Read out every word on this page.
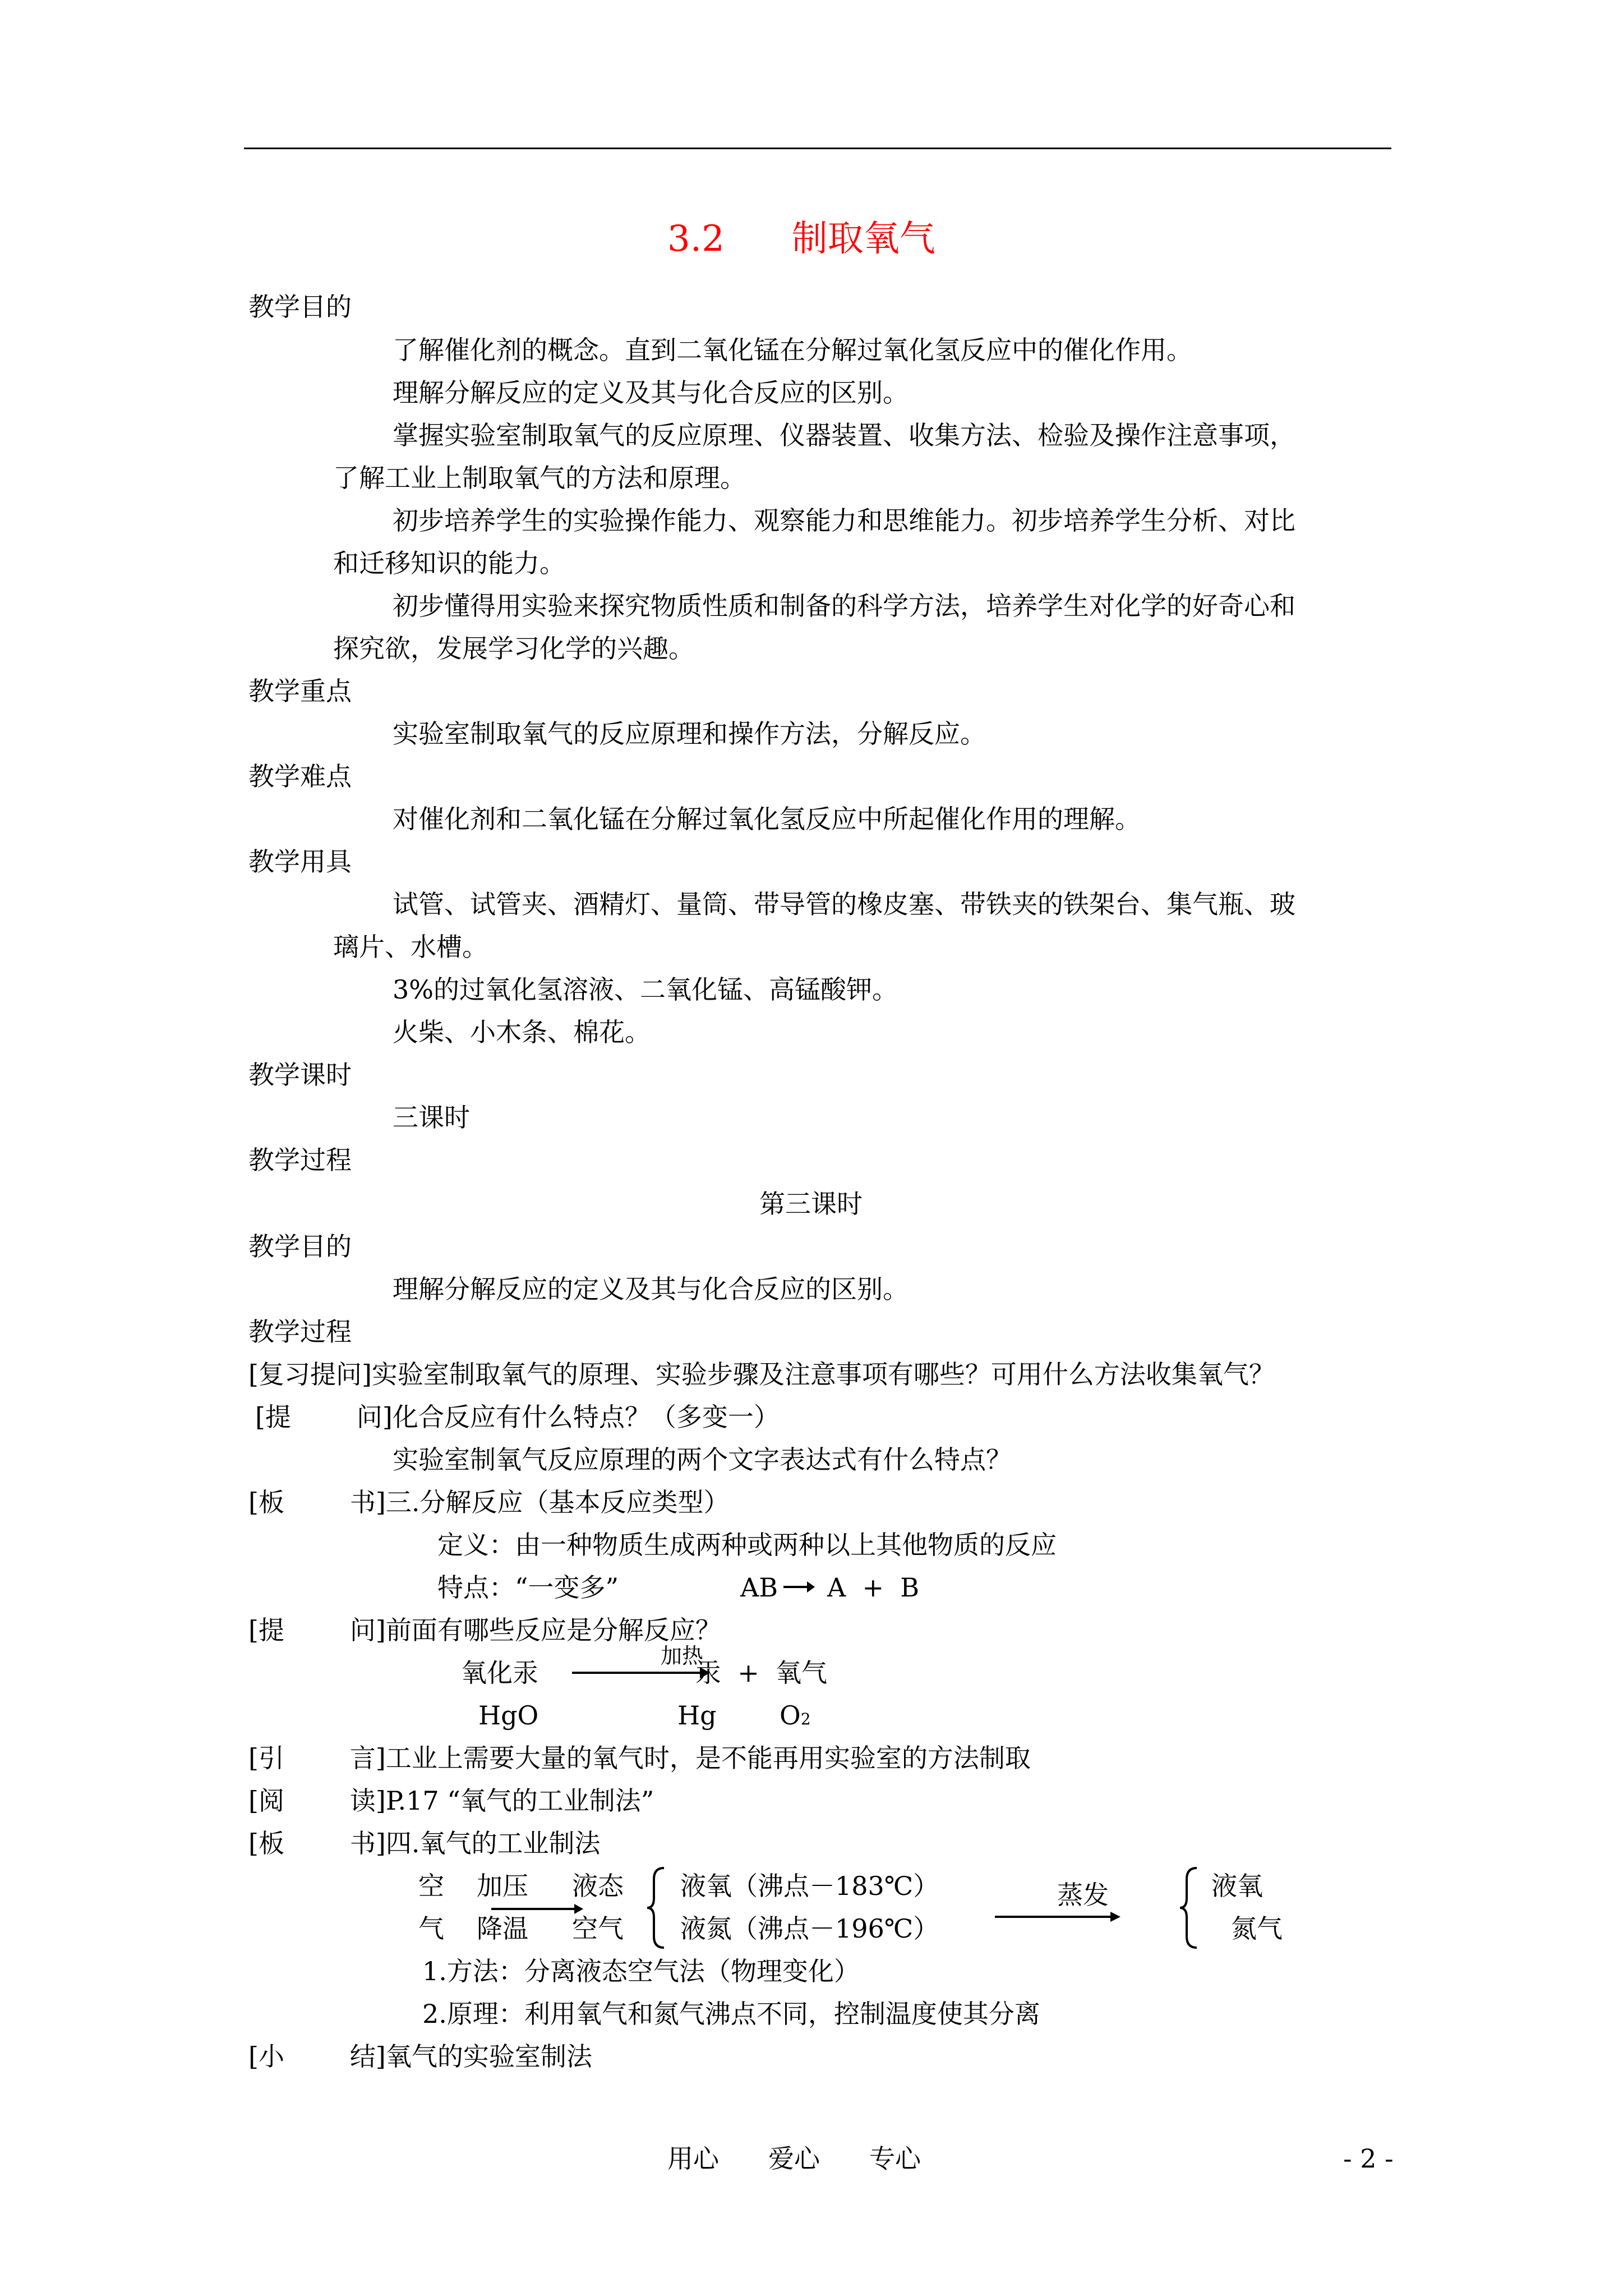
3.2 制取氧气
教学目的
了解催化剂的概念。直到二氧化锰在分解过氧化氢反应中的催化作用。
理解分解反应的定义及其与化合反应的区别。
掌握实验室制取氧气的反应原理、仪器装置、收集方法、检验及操作注意事项，
了解工业上制取氧气的方法和原理。
初步培养学生的实验操作能力、观察能力和思维能力。初步培养学生分析、对比
和迁移知识的能力。
初步懂得用实验来探究物质性质和制备的科学方法，培养学生对化学的好奇心和
探究欲，发展学习化学的兴趣。
教学重点
实验室制取氧气的反应原理和操作方法，分解反应。
教学难点
对催化剂和二氧化锰在分解过氧化氢反应中所起催化作用的理解。
教学用具
试管、试管夹、酒精灯、量筒、带导管的橡皮塞、带铁夹的铁架台、集气瓶、玻
璃片、水槽。
3%的过氧化氢溶液、二氧化锰、高锰酸钾。
火柴、小木条、棉花。
教学课时
三课时
教学过程
第三课时
教学目的
理解分解反应的定义及其与化合反应的区别。
教学过程
[复习提问]实验室制取氧气的原理、实验步骤及注意事项有哪些？可用什么方法收集氧气？
[提        问]化合反应有什么特点？（多变一）
实验室制氧气反应原理的两个文字表达式有什么特点？
[板        书]三.分解反应（基本反应类型）
定义：由一种物质生成两种或两种以上其他物质的反应
特点：“一变多”	AB → A  +  B
[提        问]前面有哪些反应是分解反应？
氧化汞
加热
汞  +  氧气
HgO	Hg O2
[引        言]工业上需要大量的氧气时，是不能再用实验室的方法制取
[阅        读]P.17 “氧气的工业制法”
[板        书]四.氧气的工业制法
空
气
加压
降温
液态
空气
液氧（沸点－183℃）
液氮（沸点－196℃）
蒸发	液氧
氮气
1.方法：分离液态空气法（物理变化）
2.原理：利用氧气和氮气沸点不同，控制温度使其分离
[小        结]氧气的实验室制法
用心 爱心 专心	- 2 -
